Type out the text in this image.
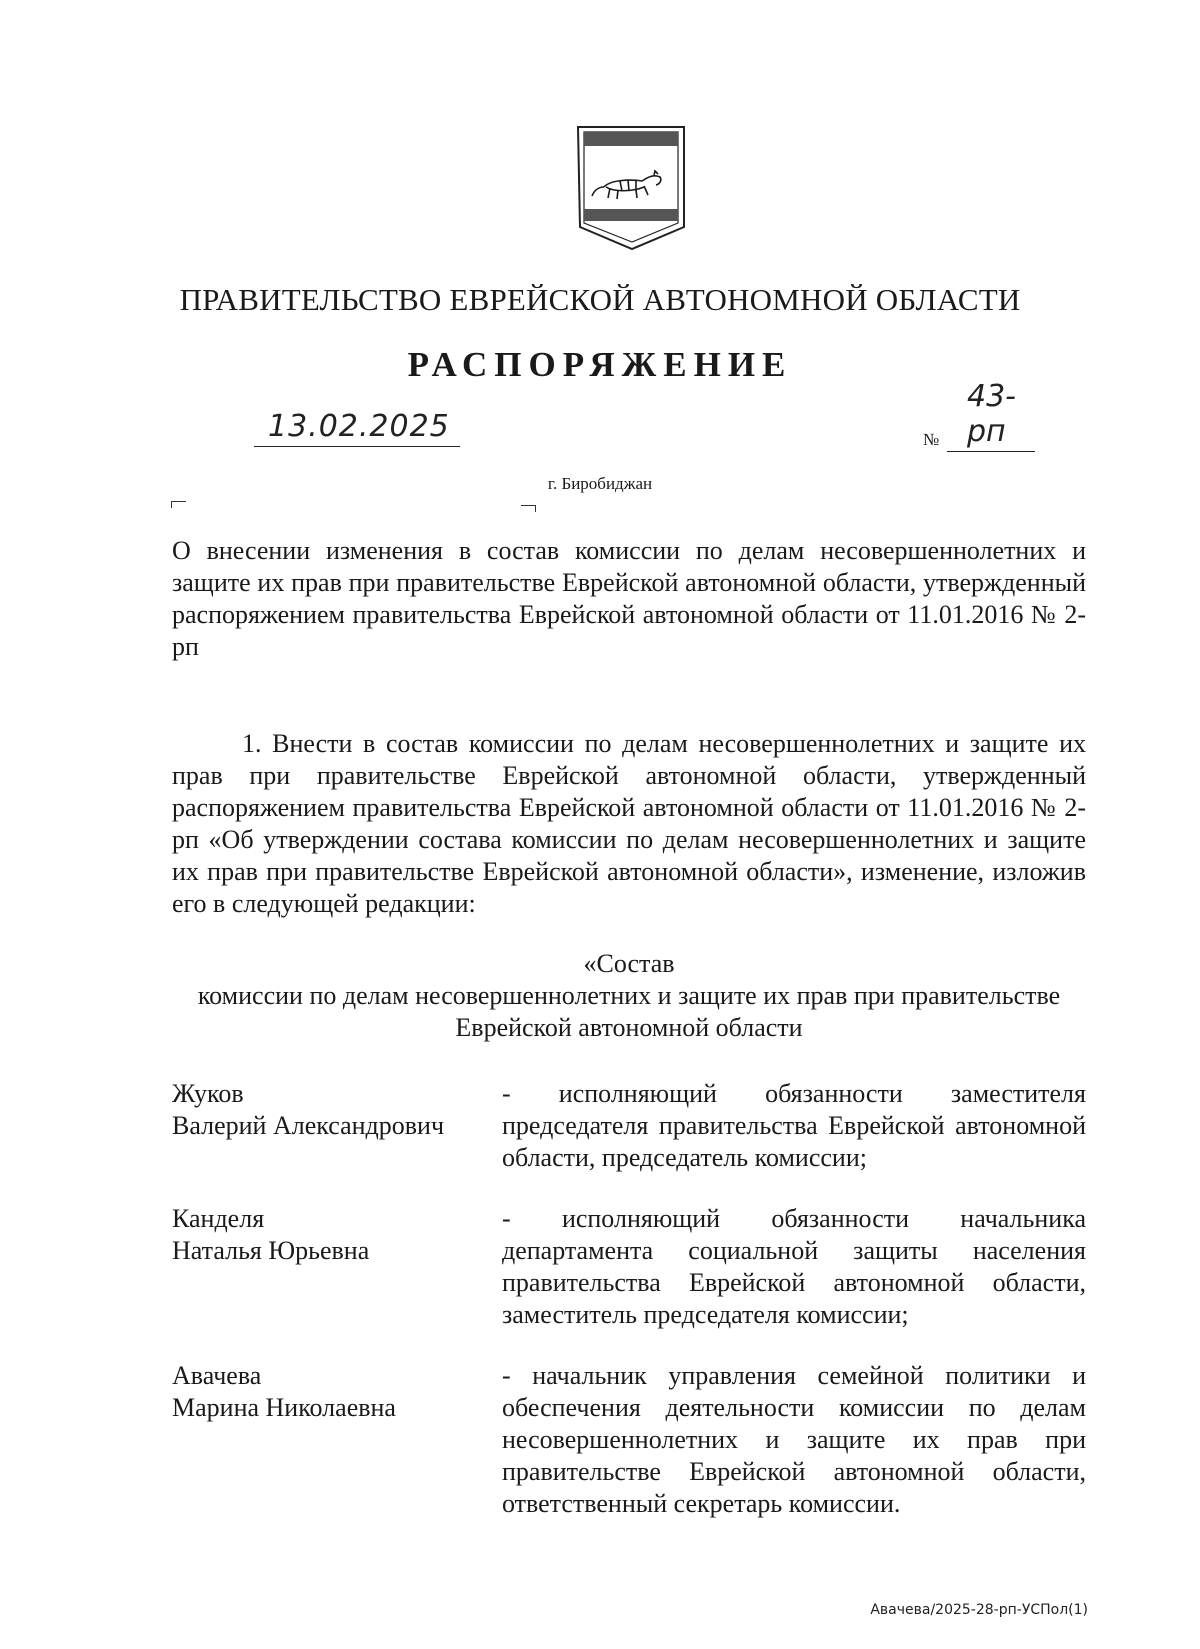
ПРАВИТЕЛЬСТВО ЕВРЕЙСКОЙ АВТОНОМНОЙ ОБЛАСТИ
РАСПОРЯЖЕНИЕ
13.02.2025	№
43-рп
г. Биробиджан
О внесении изменения в состав комиссии по делам несовершеннолетних и защите их прав при правительстве Еврейской автономной области, утвержденный распоряжением правительства Еврейской автономной области от 11.01.2016 № 2-рп
1. Внести в состав комиссии по делам несовершеннолетних и защите их прав при правительстве Еврейской автономной области, утвержденный распоряжением правительства Еврейской автономной области от 11.01.2016 № 2-рп «Об утверждении состава комиссии по делам несовершеннолетних и защите их прав при правительстве Еврейской автономной области», изменение, изложив его в следующей редакции:
«Состав
комиссии по делам несовершеннолетних и защите их прав при правительстве
Еврейской автономной области
Жуков
Валерий Александрович
- исполняющий обязанности заместителя председателя правительства Еврейской автономной области, председатель комиссии;
Канделя
Наталья Юрьевна
- исполняющий обязанности начальника департамента социальной защиты населения правительства Еврейской автономной области, заместитель председателя комиссии;
Авачева
Марина Николаевна
- начальник управления семейной политики и обеспечения деятельности комиссии по делам несовершеннолетних и защите их прав при правительстве Еврейской автономной области, ответственный секретарь комиссии.
Авачева/2025-28-рп-УСПол(1)
